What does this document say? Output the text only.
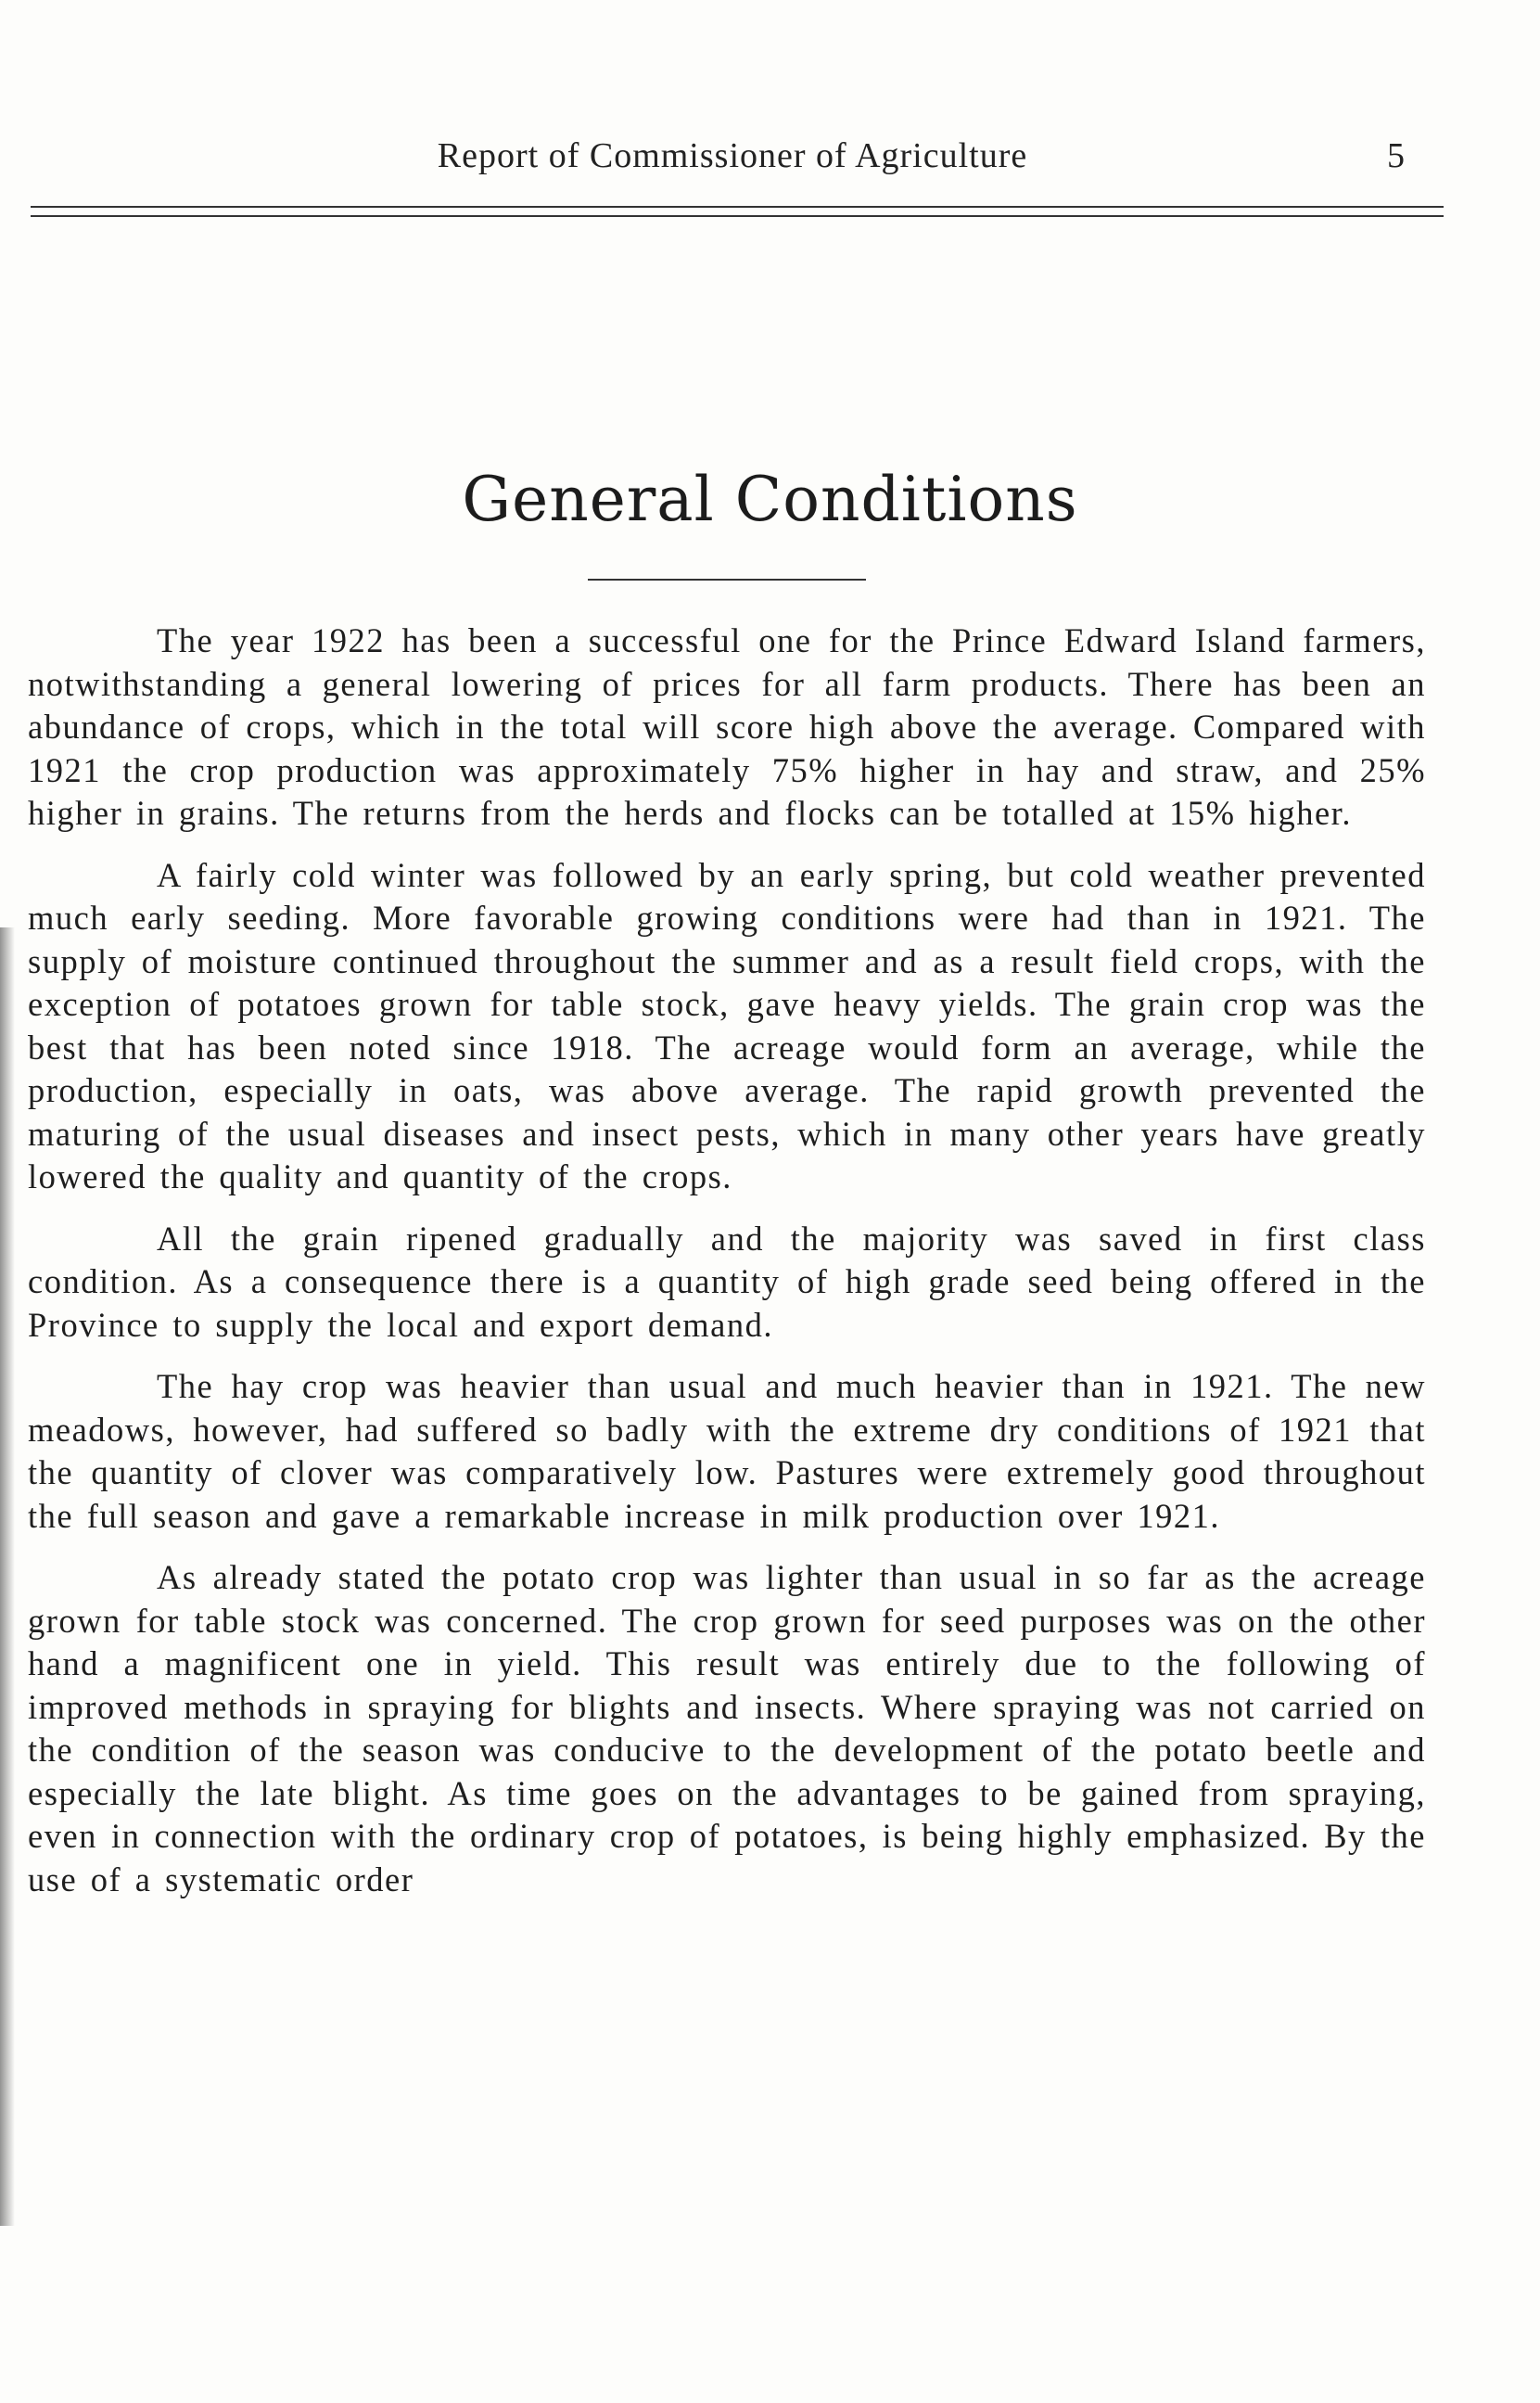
Report of Commissioner of Agriculture	5
General Conditions

The year 1922 has been a successful one for the Prince Edward Island farmers, notwithstanding a general lowering of prices for all farm products. There has been an abundance of crops, which in the total will score high above the average. Compared with 1921 the crop production was approximately 75% higher in hay and straw, and 25% higher in grains. The returns from the herds and flocks can be totalled at 15% higher.

A fairly cold winter was followed by an early spring, but cold weather prevented much early seeding. More favorable growing conditions were had than in 1921. The supply of moisture continued throughout the summer and as a result field crops, with the exception of potatoes grown for table stock, gave heavy yields. The grain crop was the best that has been noted since 1918. The acreage would form an average, while the production, especially in oats, was above average. The rapid growth prevented the maturing of the usual diseases and insect pests, which in many other years have greatly lowered the quality and quantity of the crops.

All the grain ripened gradually and the majority was saved in first class condition. As a consequence there is a quantity of high grade seed being offered in the Province to supply the local and export demand.

The hay crop was heavier than usual and much heavier than in 1921. The new meadows, however, had suffered so badly with the extreme dry conditions of 1921 that the quantity of clover was comparatively low. Pastures were extremely good throughout the full season and gave a remarkable increase in milk production over 1921.

As already stated the potato crop was lighter than usual in so far as the acreage grown for table stock was concerned. The crop grown for seed purposes was on the other hand a magnificent one in yield. This result was entirely due to the following of improved methods in spraying for blights and insects. Where spraying was not carried on the condition of the season was conducive to the development of the potato beetle and especially the late blight. As time goes on the advantages to be gained from spraying, even in connection with the ordinary crop of potatoes, is being highly emphasized. By the use of a systematic order
